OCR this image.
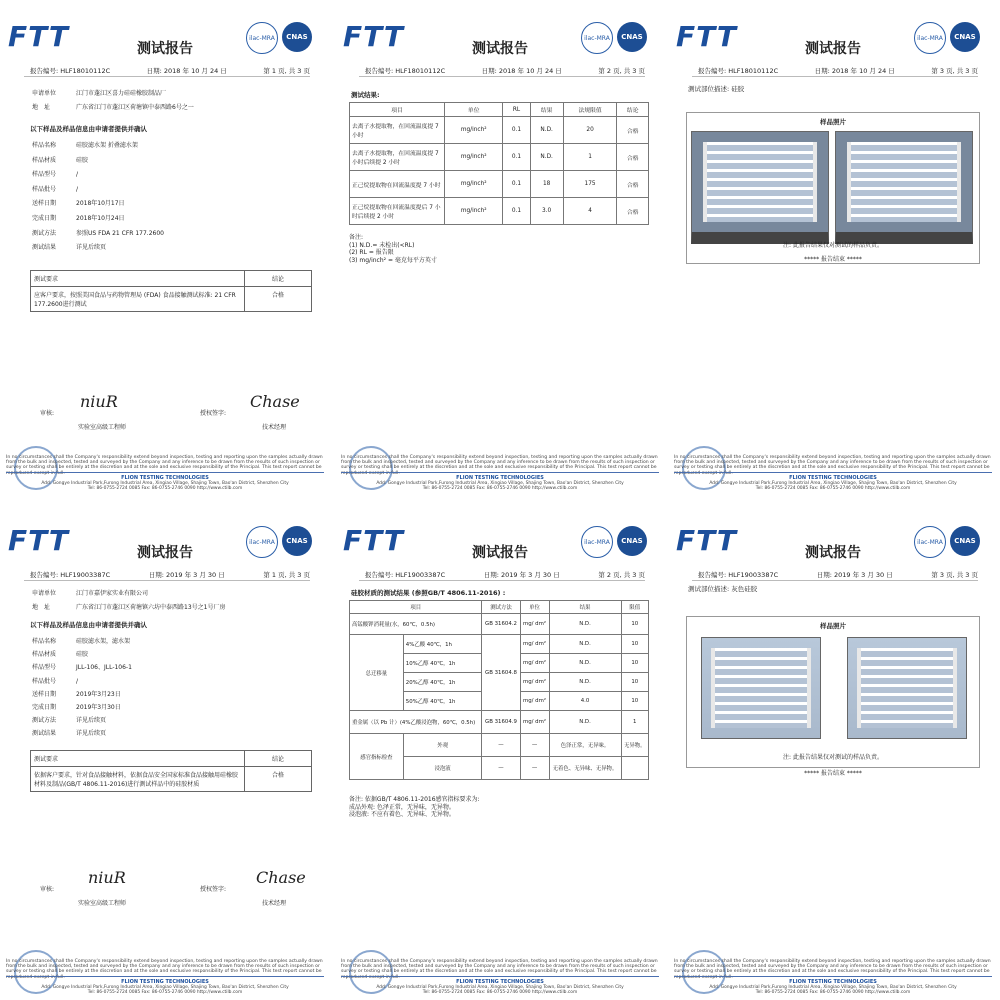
FTT	测试报告
ilac-MRA	CNAS
报告编号: HLF18010112C	日期: 2018 年 10 月 24 日	第 1 页, 共 3 页
申请单位	江门市蓬江区喜力硅硅橡胶制品厂
地　址	广东省江门市蓬江区荷塘镇中泰西路6号之一
以下样品及样品信息由申请者提供并确认
样品名称	硅胶滤水架 折叠滤水架
样品材质	硅胶
样品型号	/
样品批号	/
送样日期	2018年10月17日
完成日期	2018年10月24日
测试方法	参照US FDA 21 CFR 177.2600
测试结果	详见后续页
测试要求	结论
应客户要求，按照美国食品与药物管理局 (FDA) 食品接触测试标准: 21 CFR 177.2600进行测试	合格
审核:
niuR
实验室高级工程师
授权签字:
Chase
技术经理
In no circumstances shall the Company's responsibility extend beyond inspection, testing and reporting upon the samples actually drawn from the bulk and inspected, tested and surveyed by the Company and any inference to be drawn from the results of such inspection or survey or testing shall be entirely at the discretion and at the sole and exclusive responsibility of the Principal. This test report cannot be reproduced except in full.
FLION TESTING TECHNOLOGIES
Add: Gongye Industrial Park,Furong Industrial Area, Xingiao Village, Shajing Town, Bao'an District, Shenzhen City
Tel: 86-0755-2724 0085 Fax: 86-0755-2746 0090 http://www.ctilb.com
FTT	测试报告
ilac-MRA	CNAS
报告编号: HLF18010112C	日期: 2018 年 10 月 24 日	第 2 页, 共 3 页
测试结果:
项目	单位	RL	结果	法规限值	结论
去离子水提取物，在回流温度提 7 小时	mg/inch²	0.1	N.D.	20	合格
去离子水提取物，在回流温度提 7 小时后续提 2 小时	mg/inch²	0.1	N.D.	1	合格
正己烷提取物在回流温度提 7 小时	mg/inch²	0.1	18	175	合格
正己烷提取物在回流温度提后 7 小时后续提 2 小时	mg/inch²	0.1	3.0	4	合格
备注:
(1) N.D.= 未检出(<RL)
(2) RL = 报告限
(3) mg/inch² = 毫克每平方英寸
In no circumstances shall the Company's responsibility extend beyond inspection, testing and reporting upon the samples actually drawn from the bulk and inspected, tested and surveyed by the Company and any inference to be drawn from the results of such inspection or survey or testing shall be entirely at the discretion and at the sole and exclusive responsibility of the Principal. This test report cannot be reproduced except in full.
FLION TESTING TECHNOLOGIES
Add: Gongye Industrial Park,Furong Industrial Area, Xingiao Village, Shajing Town, Bao'an District, Shenzhen City
Tel: 86-0755-2724 0085 Fax: 86-0755-2746 0090 http://www.ctilb.com
FTT	测试报告
ilac-MRA	CNAS
报告编号: HLF18010112C	日期: 2018 年 10 月 24 日	第 3 页, 共 3 页
测试部位描述: 硅胶
样品照片
注: 此报告结果仅对测试的样品负责。
***** 报告结束 *****
In no circumstances shall the Company's responsibility extend beyond inspection, testing and reporting upon the samples actually drawn from the bulk and inspected, tested and surveyed by the Company and any inference to be drawn from the results of such inspection or survey or testing shall be entirely at the discretion and at the sole and exclusive responsibility of the Principal. This test report cannot be reproduced except in full.
FLION TESTING TECHNOLOGIES
Add: Gongye Industrial Park,Furong Industrial Area, Xingiao Village, Shajing Town, Bao'an District, Shenzhen City
Tel: 86-0755-2724 0085 Fax: 86-0755-2746 0090 http://www.ctilb.com
FTT	测试报告
ilac-MRA	CNAS
报告编号: HLF19003387C	日期: 2019 年 3 月 30 日	第 1 页, 共 3 页
申请单位	江门市嘉伊家实业有限公司
地　址	广东省江门市蓬江区荷塘镇六坊中泰西路13号之1号厂房
以下样品及样品信息由申请者提供并确认
样品名称	硅胶滤水架，滤水架
样品材质	硅胶
样品型号	JLL-106、JLL-106-1
样品批号	/
送样日期	2019年3月23日
完成日期	2019年3月30日
测试方法	详见后续页
测试结果	详见后续页
测试要求	结论
依据客户要求，针对食品接触材料，依据食品安全国家标准食品接触用硅橡胶材料及制品(GB/T 4806.11-2016)进行测试样品中的硅胶材质	合格
审核:
niuR
实验室高级工程师
授权签字:
Chase
技术经理
In no circumstances shall the Company's responsibility extend beyond inspection, testing and reporting upon the samples actually drawn from the bulk and inspected, tested and surveyed by the Company and any inference to be drawn from the results of such inspection or survey or testing shall be entirely at the discretion and at the sole and exclusive responsibility of the Principal. This test report cannot be reproduced except in full.
FLION TESTING TECHNOLOGIES
Add: Gongye Industrial Park,Furong Industrial Area, Xingiao Village, Shajing Town, Bao'an District, Shenzhen City
Tel: 86-0755-2724 0085 Fax: 86-0755-2746 0090 http://www.ctilb.com
FTT	测试报告
ilac-MRA	CNAS
报告编号: HLF19003387C	日期: 2019 年 3 月 30 日	第 2 页, 共 3 页
硅胶材质的测试结果 (参照GB/T 4806.11-2016) :
项目		测试方法	单位	结果	限值
高锰酸钾消耗量(水，60℃，0.5h)		GB 31604.2	mg/ dm²	N.D.	10
总迁移量	4%乙酸 40℃，1h	GB 31604.8	mg/ dm²	N.D.	10
	10%乙醇 40℃，1h		mg/ dm²	N.D.	10
	20%乙醇 40℃，1h		mg/ dm²	N.D.	10
	50%乙醇 40℃，1h		mg/ dm²	4.0	10
重金属（以 Pb 计）(4%乙酸浸泡物，60℃，0.5h)		GB 31604.9	mg/ dm²	N.D.	1
感官指标检查	外观	—	—	色泽正常，无异味。	无异物。
	浸泡液	—	—	无着色、无异味、无异物。	
备注: 依据GB/T 4806.11-2016感官指标要求为:
成品外观: 色泽正常，无异味，无异物。
浸泡液: 不应有着色、无异味、无异物。
In no circumstances shall the Company's responsibility extend beyond inspection, testing and reporting upon the samples actually drawn from the bulk and inspected, tested and surveyed by the Company and any inference to be drawn from the results of such inspection or survey or testing shall be entirely at the discretion and at the sole and exclusive responsibility of the Principal. This test report cannot be reproduced except in full.
FLION TESTING TECHNOLOGIES
Add: Gongye Industrial Park,Furong Industrial Area, Xingiao Village, Shajing Town, Bao'an District, Shenzhen City
Tel: 86-0755-2724 0085 Fax: 86-0755-2746 0090 http://www.ctilb.com
FTT	测试报告
ilac-MRA	CNAS
报告编号: HLF19003387C	日期: 2019 年 3 月 30 日	第 3 页, 共 3 页
测试部位描述: 灰色硅胶
样品照片
注: 此报告结果仅对测试的样品负责。
***** 报告结束 *****
In no circumstances shall the Company's responsibility extend beyond inspection, testing and reporting upon the samples actually drawn from the bulk and inspected, tested and surveyed by the Company and any inference to be drawn from the results of such inspection or survey or testing shall be entirely at the discretion and at the sole and exclusive responsibility of the Principal. This test report cannot be reproduced except in full.
FLION TESTING TECHNOLOGIES
Add: Gongye Industrial Park,Furong Industrial Area, Xingiao Village, Shajing Town, Bao'an District, Shenzhen City
Tel: 86-0755-2724 0085 Fax: 86-0755-2746 0090 http://www.ctilb.com
